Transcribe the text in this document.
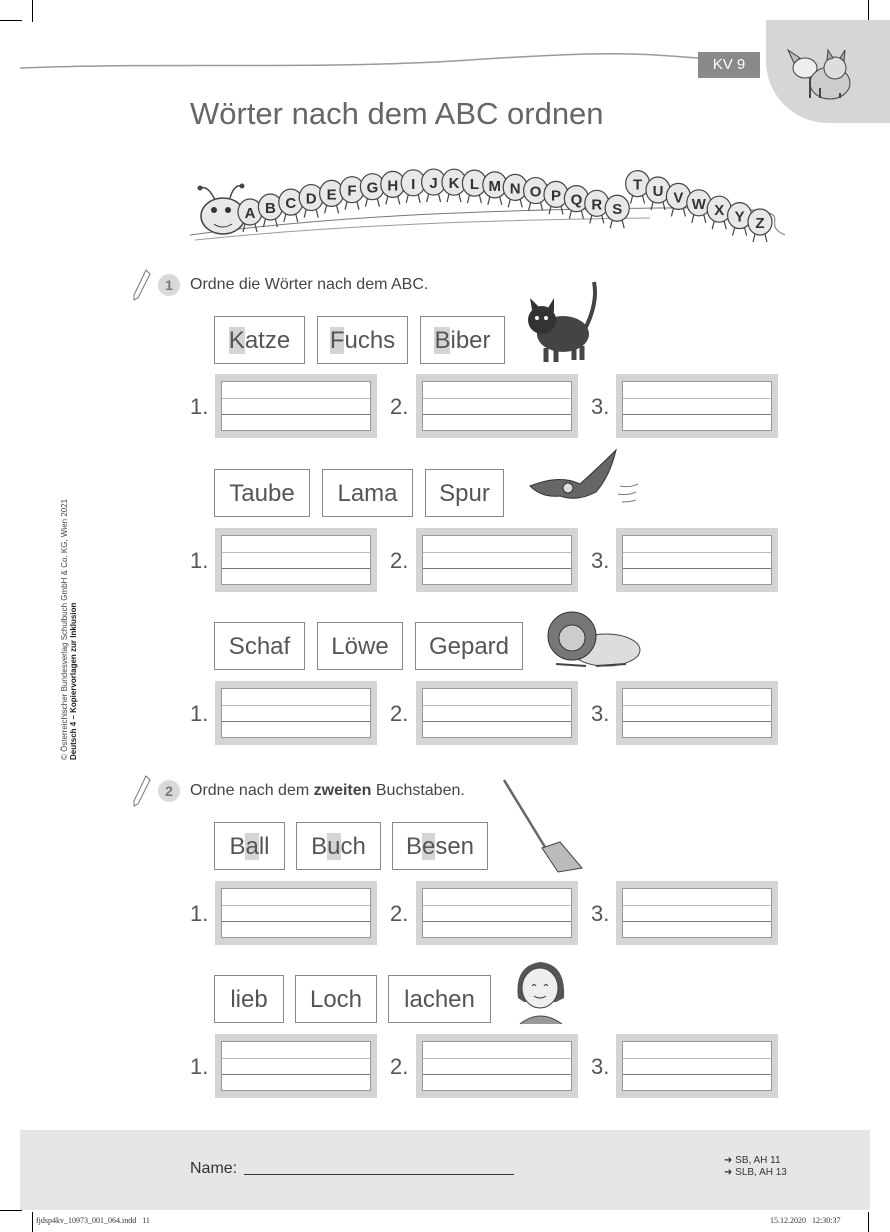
KV 9
Wörter nach dem ABC ordnen
A B C D E F G H I J K L M N O P Q R S
T U V W X Y Z
© Österreichischer Bundesverlag Schulbuch GmbH & Co. KG, Wien 2021 Deutsch 4 – Kopiervorlagen zur Inklusion
1	Ordne die Wörter nach dem ABC.
Katze	Fuchs	Biber
Taube	Lama	Spur
Schaf	Löwe	Gepard
1.	2.	3.
1.	2.	3.
1.	2.	3.
1.	2.	3.
1.	2.	3.
2	Ordne nach dem zweiten Buchstaben.
Ball	Buch	Besen
lieb	Loch	lachen
Name:	➜ SB, AH 11
➜ SLB, AH 13
fjdsp4kv_10973_001_064.indd   11	15.12.2020   12:30:37
